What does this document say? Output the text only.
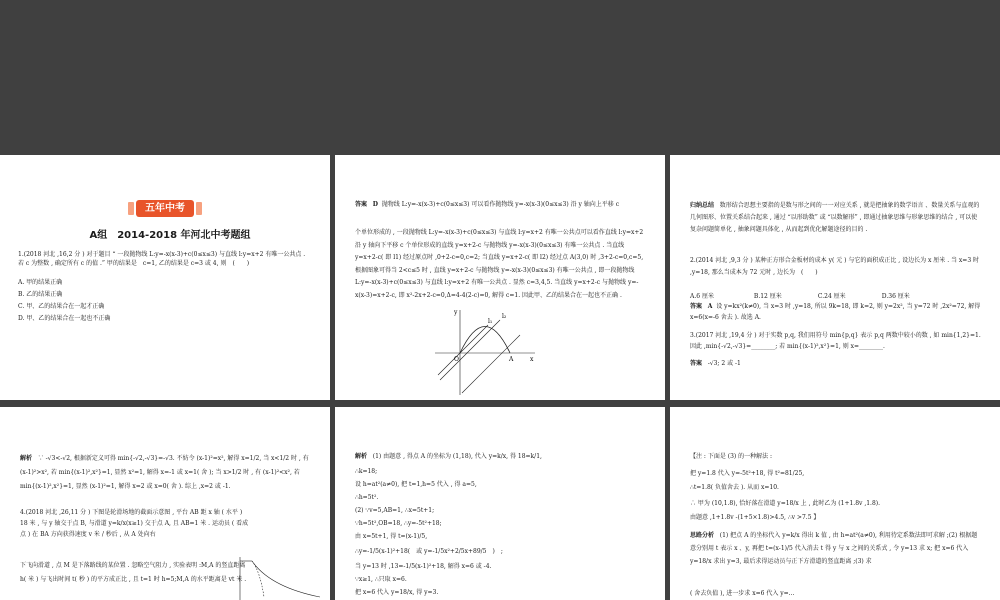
五年中考
A组　2014-2018 年河北中考题组
1.(2018 河北 ,16,2 分 ) 对于题目 “ 一段抛物线 L:y=-x(x-3)+c(0≤x≤3) 与直线 l:y=x+2 有唯一公共点 . 若 c 为整数 , 确定所有 c 的值 .” 甲的结果是　c=1, 乙的结果是 c=3 或 4, 则　(　　)
A. 甲的结果正确
B. 乙的结果正确
C. 甲、乙的结果合在一起才正确
D. 甲、乙的结果合在一起也不正确
答案 D 抛物线 L:y=-x(x-3)+c(0≤x≤3) 可以看作抛物线 y=-x(x-3)(0≤x≤3) 沿 y 轴向上平移 c
个单位形成的 , 一段抛物线 L:y=-x(x-3)+c(0≤x≤3) 与直线 l:y=x+2 有唯一公共点可以看作直线 l:y=x+2 沿 y 轴向下平移 c 个单位形成的直线 y=x+2-c 与抛物线 y=-x(x-3)(0≤x≤3) 有唯一公共点 . 当直线 y=x+2-c( 即 l1) 经过原点时 ,0+2-c=0,c=2; 当直线 y=x+2-c( 即 l2) 经过点 A(3,0) 时 ,3+2-c=0,c=5, 根据图象可得当 2<c≤5 时 , 直线 y=x+2-c 与抛物线 y=-x(x-3)(0≤x≤3) 有唯一公共点 , 即一段抛物线 L:y=-x(x-3)+c(0≤x≤3) 与直线 l:y=x+2 有唯一公共点 . 显然 c=3,4,5. 当直线 y=x+2-c 与抛物线 y=-x(x-3)=x+2-c, 即 x²-2x+2-c=0,Δ=4-4(2-c)=0, 解得 c=1. 因此甲、乙的结果合在一起也不正确 .
y
l₁
l₂
O	A	x
归纳总结 数形结合思想主要指的是数与形之间的一一对应关系 , 就是把抽象的数学语言 、数量关系与直观的几何图形、位置关系结合起来 , 通过 “以形助数” 或 “以数解形” , 即通过抽象思维与形象思维的结合 , 可以使复杂问题简单化 , 抽象问题具体化 , 从而起到优化解题途径的目的 .
2.(2014 河北 ,9,3 分 ) 某种正方形合金板材的成本 y( 元 ) 与它的面积成正比 , 设边长为 x 厘米 . 当 x=3 时 ,y=18, 那么当成本为 72 元时 , 边长为　(　　)
A.6 厘米	B.12 厘米	C.24 厘米	D.36 厘米
答案 A 设 y=kx²(k≠0), 当 x=3 时 ,y=18, 所以 9k=18, 即 k=2, 则 y=2x², 当 y=72 时 ,2x²=72, 解得 x=6(x=-6 舍去 ). 故选 A.
3.(2017 河北 ,19,4 分 ) 对于实数 p,q, 我们用符号 min{p,q} 表示 p,q 两数中较小的数 , 如 min{1,2}=1. 因此 ,min{-√2,-√3}=________; 若 min{(x-1)²,x²}=1, 则 x=________.
答案 -√3; 2 或 -1
解析 ∵ -√3<-√2, 根据新定义可得 min{-√2,-√3}=-√3. 不妨令 (x-1)²=x², 解得 x=1/2, 当 x<1/2 时 , 有 (x-1)²>x², 若 min{(x-1)²,x²}=1, 显然 x²=1, 解得 x=-1 或 x=1( 舍 ); 当 x>1/2 时 , 有 (x-1)²<x², 若 min{(x-1)²,x²}=1, 显然 (x-1)²=1, 解得 x=2 或 x=0( 舍 ). 综上 ,x=2 或 -1.
4.(2018 河北 ,26,11 分 ) 下图是轮滑场地的截面示意图 , 平台 AB 距 x 轴 ( 水平 ) 18 米 , 与 y 轴交于点 B, 与滑道 y=k/x(x≥1) 交于点 A, 且 AB=1 米 . 运动员 ( 看成点 ) 在 BA 方向获得速度 v 米 / 秒后 , 从 A 处向右
下飞向滑道 , 点 M 是下落路线的某位置 . 忽略空气阻力 , 实验表明 :M,A 的竖直距离 h( 米 ) 与飞出时间 t( 秒 ) 的平方成正比 , 且 t=1 时 h=5;M,A 的水平距离是 vt 米 .
解析 (1) 由题意 , 得点 A 的坐标为 (1,18), 代入 y=k/x, 得 18=k/1,
∴k=18;
设 h=at²(a≠0), 把 t=1,h=5 代入 , 得 a=5,
∴h=5t².
(2) ∵v=5,AB=1, ∴x=5t+1;
∵h=5t²,OB=18, ∴y=-5t²+18;
由 x=5t+1, 得 t=(x-1)/5,
∴y=-1/5(x-1)²+18(　或 y=-1/5x²+2/5x+89/5　)　;
当 y=13 时 ,13=-1/5(x-1)²+18, 解得 x=6 或 -4.
∵x≥1, ∴只取 x=6.
把 x=6 代入 y=18/x, 得 y=3.
【注 : 下面是 (3) 的一种解法 :
把 y=1.8 代入 y=-5t²+18, 得 t²=81/25,
∴t=1.8( 负值舍去 ). 从而 x=10.
∴ 甲为 (10,1.8), 恰好落在滑道 y=18/x 上 , 此时乙为 (1+1.8v ,1.8).
由题意 ,1+1.8v -(1+5×1.8)>4.5, ∴v >7.5 】
思路分析 (1) 把点 A 的坐标代入 y=k/x 得出 k 值 , 由 h=at²(a≠0), 利用待定系数法即可求解 ;(2) 根据题意分别用 t 表示 x 、y, 再把 t=(x-1)/5 代入消去 t 得 y 与 x 之间的关系式 , 令 y=13 求 x; 把 x=6 代入 y=18/x 求出 y=3, 最后求得运动员与正下方滑道的竖直距离 ;(3) 求
( 舍去负值 ), 进一步求 x=6 代入 y=...
